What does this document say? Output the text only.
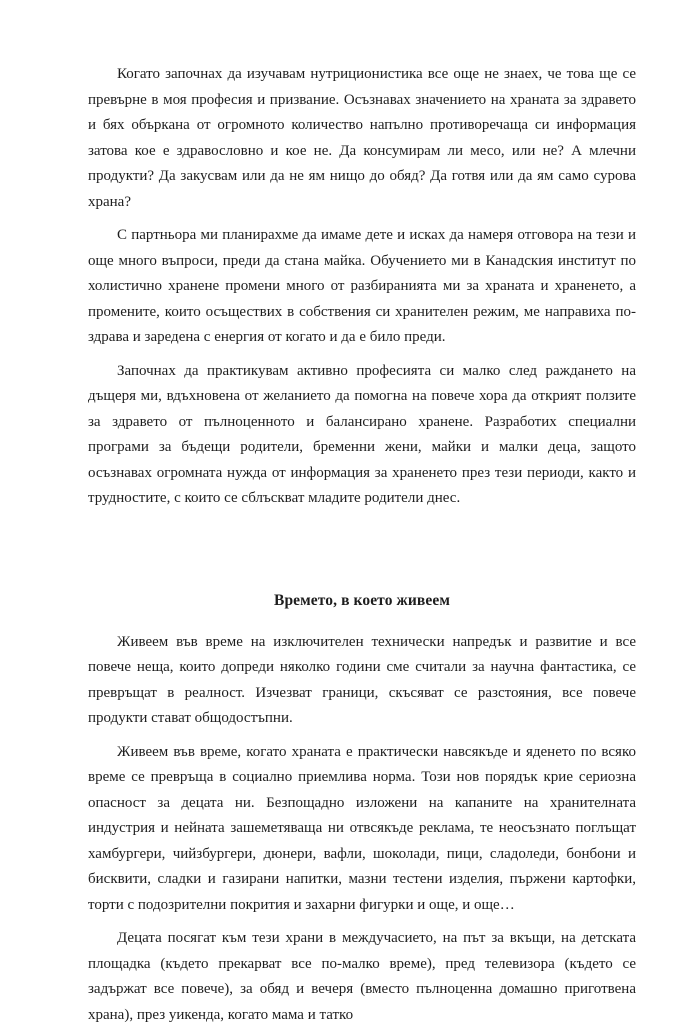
Когато започнах да изучавам нутриционистика все още не знаех, че това ще се превърне в моя професия и призвание. Осъзнавах значението на храната за здравето и бях объркана от огромното количество напълно противоречаща си информация затова кое е здравословно и кое не. Да консумирам ли месо, или не? А млечни продукти? Да закусвам или да не ям нищо до обяд? Да готвя или да ям само сурова храна?

С партньора ми планирахме да имаме дете и исках да намеря отговора на тези и още много въпроси, преди да стана майка. Обучението ми в Канадския институт по холистично хранене промени много от разбиранията ми за храната и храненето, а промените, които осъществих в собствения си хранителен режим, ме направиха по-здрава и заредена с енергия от когато и да е било преди.

Започнах да практикувам активно професията си малко след раждането на дъщеря ми, вдъхновена от желанието да помогна на повече хора да открият ползите за здравето от пълноценното и балансирано хранене. Разработих специални програми за бъдещи родители, бременни жени, майки и малки деца, защото осъзнавах огромната нужда от информация за храненето през тези периоди, както и трудностите, с които се сблъскват младите родители днес.

Времето, в което живеем

Живеем във време на изключителен технически напредък и развитие и все повече неща, които допреди няколко години сме считали за научна фантастика, се превръщат в реалност. Изчезват граници, скъсяват се разстояния, все повече продукти стават общодостъпни.

Живеем във време, когато храната е практически навсякъде и яденето по всяко време се превръща в социално приемлива норма. Този нов порядък крие сериозна опасност за децата ни. Безпощадно изложени на капаните на хранителната индустрия и нейната зашеметяваща ни отвсякъде реклама, те неосъзнато поглъщат хамбургери, чийзбургери, дюнери, вафли, шоколади, пици, сладоледи, бонбони и бисквити, сладки и газирани напитки, мазни тестени изделия, пържени картофки, торти с подозрителни покрития и захарни фигурки и още, и още…

Децата посягат към тези храни в междучасието, на път за вкъщи, на детската площадка (където прекарват все по-малко време), пред телевизора (където се задържат все повече), за обяд и вечеря (вместо пълноценна домашно приготвена храна), през уикенда, когато мама и татко
